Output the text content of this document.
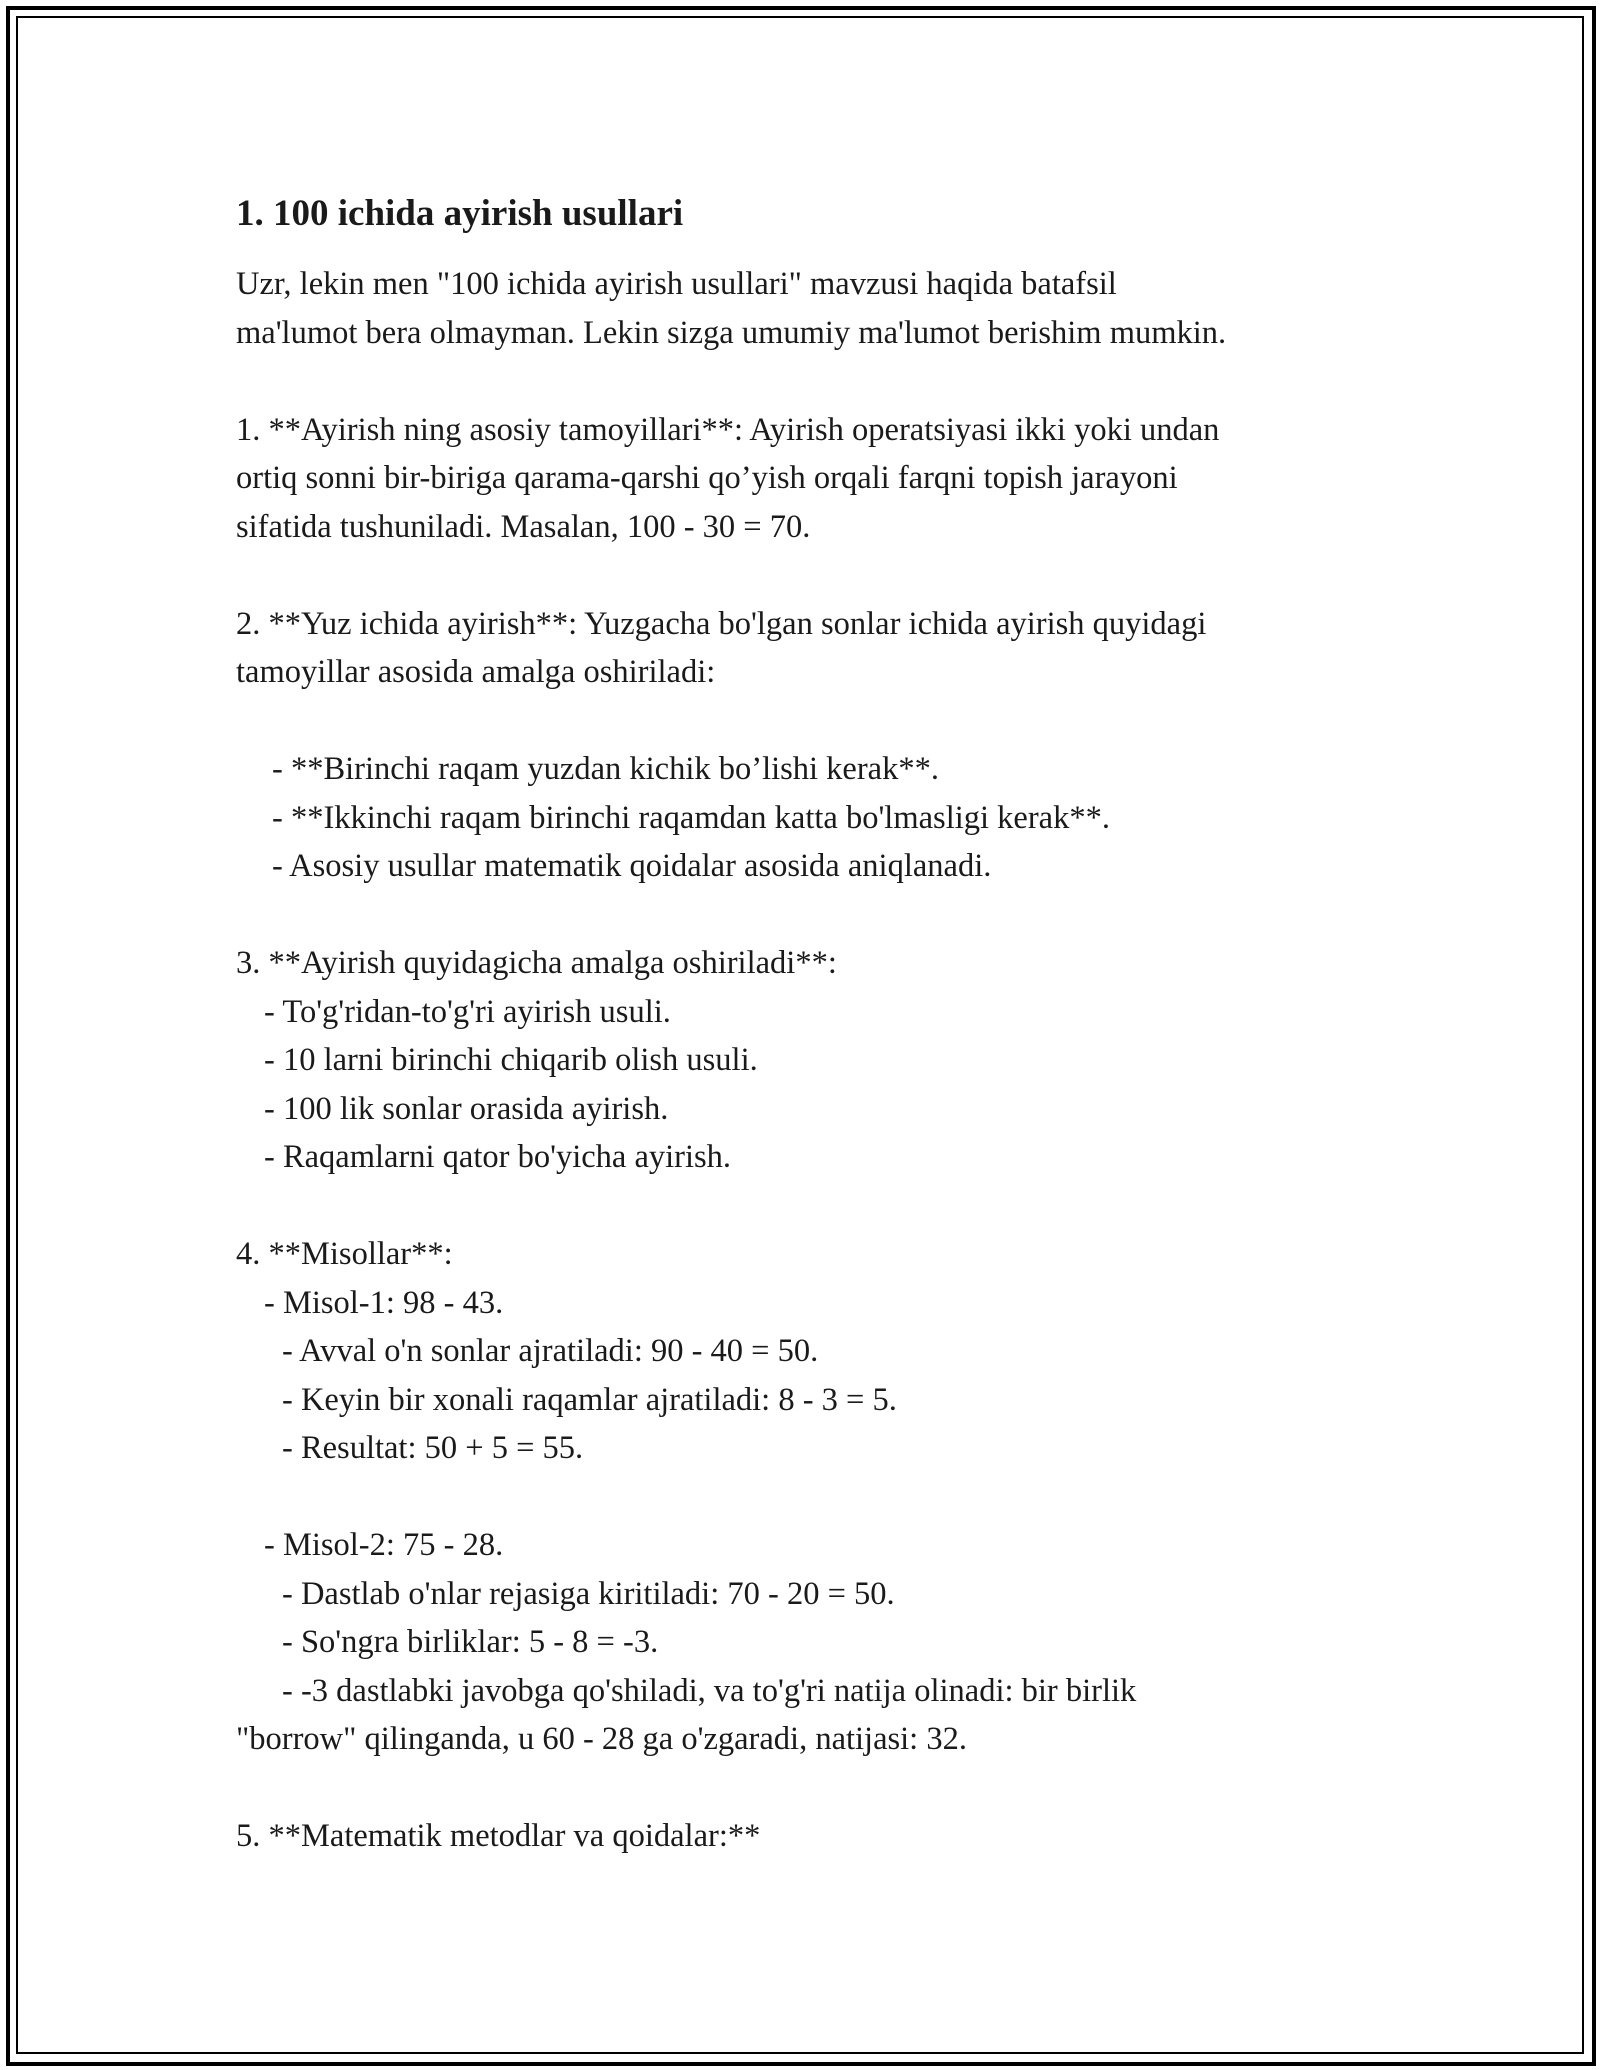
1. 100 ichida ayirish usullari
Uzr, lekin men "100 ichida ayirish usullari" mavzusi haqida batafsil
ma'lumot bera olmayman. Lekin sizga umumiy ma'lumot berishim mumkin.
1. **Ayirish ning asosiy tamoyillari**: Ayirish operatsiyasi ikki yoki undan
ortiq sonni bir-biriga qarama-qarshi qo’yish orqali farqni topish jarayoni
sifatida tushuniladi. Masalan, 100 - 30 = 70.
2. **Yuz ichida ayirish**: Yuzgacha bo'lgan sonlar ichida ayirish quyidagi
tamoyillar asosida amalga oshiriladi:
- **Birinchi raqam yuzdan kichik bo’lishi kerak**.
- **Ikkinchi raqam birinchi raqamdan katta bo'lmasligi kerak**.
- Asosiy usullar matematik qoidalar asosida aniqlanadi.
3. **Ayirish quyidagicha amalga oshiriladi**:
- To'g'ridan-to'g'ri ayirish usuli.
- 10 larni birinchi chiqarib olish usuli.
- 100 lik sonlar orasida ayirish.
- Raqamlarni qator bo'yicha ayirish.
4. **Misollar**:
- Misol-1: 98 - 43.
- Avval o'n sonlar ajratiladi: 90 - 40 = 50.
- Keyin bir xonali raqamlar ajratiladi: 8 - 3 = 5.
- Resultat: 50 + 5 = 55.
- Misol-2: 75 - 28.
- Dastlab o'nlar rejasiga kiritiladi: 70 - 20 = 50.
- So'ngra birliklar: 5 - 8 = -3.
- -3 dastlabki javobga qo'shiladi, va to'g'ri natija olinadi: bir birlik
"borrow" qilinganda, u 60 - 28 ga o'zgaradi, natijasi: 32.
5. **Matematik metodlar va qoidalar:**
